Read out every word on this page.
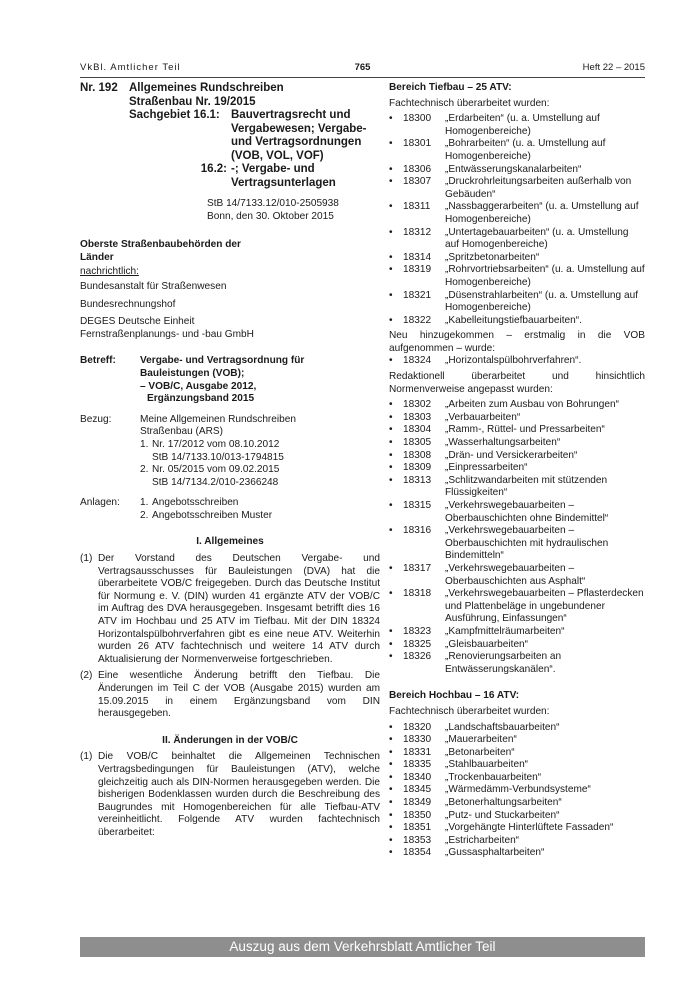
VkBl. Amtlicher Teil	765	Heft 22 – 2015
Nr. 192 Allgemeines Rundschreiben
Straßenbau Nr. 19/2015
Sachgebiet 16.1: Bauvertragsrecht und Vergabewesen; Vergabe- und Vertragsordnungen (VOB, VOL, VOF)
16.2: -; Vergabe- und Vertragsunterlagen
StB 14/7133.12/010-2505938
Bonn, den 30. Oktober 2015
Oberste Straßenbaubehörden der Länder
nachrichtlich:
Bundesanstalt für Straßenwesen
Bundesrechnungshof
DEGES Deutsche Einheit
Fernstraßenplanungs- und -bau GmbH
Betreff:	Vergabe- und Vertragsordnung für
Bauleistungen (VOB);
– VOB/C, Ausgabe 2012,
Ergänzungsband 2015
Bezug:	Meine Allgemeinen Rundschreiben
Straßenbau (ARS)
1. Nr. 17/2012 vom 08.10.2012
StB 14/7133.10/013-1794815
2. Nr. 05/2015 vom 09.02.2015
StB 14/7134.2/010-2366248
Anlagen:	1. Angebotsschreiben
2. Angebotsschreiben Muster
I. Allgemeines
(1) Der Vorstand des Deutschen Vergabe- und Vertragsausschusses für Bauleistungen (DVA) hat die überarbeitete VOB/C freigegeben. Durch das Deutsche Institut für Normung e. V. (DIN) wurden 41 ergänzte ATV der VOB/C im Auftrag des DVA herausgegeben. Insgesamt betrifft dies 16 ATV im Hochbau und 25 ATV im Tiefbau. Mit der DIN 18324 Horizontalspülbohrverfahren gibt es eine neue ATV. Weiterhin wurden 26 ATV fachtechnisch und weitere 14 ATV durch Aktualisierung der Normenverweise fortgeschrieben.
(2) Eine wesentliche Änderung betrifft den Tiefbau. Die Änderungen im Teil C der VOB (Ausgabe 2015) wurden am 15.09.2015 in einem Ergänzungsband vom DIN herausgegeben.
II. Änderungen in der VOB/C
(1) Die VOB/C beinhaltet die Allgemeinen Technischen Vertragsbedingungen für Bauleistungen (ATV), welche gleichzeitig auch als DIN-Normen herausgegeben werden. Die bisherigen Bodenklassen wurden durch die Beschreibung des Baugrundes mit Homogenbereichen für alle Tiefbau-ATV vereinheitlicht. Folgende ATV wurden fachtechnisch überarbeitet:
Bereich Tiefbau – 25 ATV:
Fachtechnisch überarbeitet wurden:
•	18300	„Erdarbeiten“ (u. a. Umstellung auf Homogenbereiche)
•	18301	„Bohrarbeiten“ (u. a. Umstellung auf Homogenbereiche)
•	18306	„Entwässerungskanalarbeiten“
•	18307	„Druckrohrleitungsarbeiten außerhalb von Gebäuden“
•	18311	„Nassbaggerarbeiten“ (u. a. Umstellung auf Homogenbereiche)
•	18312	„Untertagebauarbeiten“ (u. a. Umstellung auf Homogenbereiche)
•	18314	„Spritzbetonarbeiten“
•	18319	„Rohrvortriebsarbeiten“ (u. a. Umstellung auf Homogenbereiche)
•	18321	„Düsenstrahlarbeiten“ (u. a. Umstellung auf Homogenbereiche)
•	18322	„Kabelleitungstiefbauarbeiten“.
Neu hinzugekommen – erstmalig in die VOB aufgenommen – wurde:
•	18324	„Horizontalspülbohrverfahren“.
Redaktionell überarbeitet und hinsichtlich Normenverweise angepasst wurden:
•	18302	„Arbeiten zum Ausbau von Bohrungen“
•	18303	„Verbauarbeiten“
•	18304	„Ramm-, Rüttel- und Pressarbeiten“
•	18305	„Wasserhaltungsarbeiten“
•	18308	„Drän- und Versickerarbeiten“
•	18309	„Einpressarbeiten“
•	18313	„Schlitzwandarbeiten mit stützenden Flüssigkeiten“
•	18315	„Verkehrswegebauarbeiten – Oberbauschichten ohne Bindemittel“
•	18316	„Verkehrswegebauarbeiten – Oberbauschichten mit hydraulischen Bindemitteln“
•	18317	„Verkehrswegebauarbeiten – Oberbauschichten aus Asphalt“
•	18318	„Verkehrswegebauarbeiten – Pflasterdecken und Plattenbeläge in ungebundener Ausführung, Einfassungen“
•	18323	„Kampfmittelräumarbeiten“
•	18325	„Gleisbauarbeiten“
•	18326	„Renovierungsarbeiten an Entwässerungskanälen“.
Bereich Hochbau – 16 ATV:
Fachtechnisch überarbeitet wurden:
•	18320	„Landschaftsbauarbeiten“
•	18330	„Mauerarbeiten“
•	18331	„Betonarbeiten“
•	18335	„Stahlbauarbeiten“
•	18340	„Trockenbauarbeiten“
•	18345	„Wärmedämm-Verbundsysteme“
•	18349	„Betonerhaltungsarbeiten“
•	18350	„Putz- und Stuckarbeiten“
•	18351	„Vorgehängte Hinterlüftete Fassaden“
•	18353	„Estricharbeiten“
•	18354	„Gussasphaltarbeiten“
Auszug aus dem Verkehrsblatt Amtlicher Teil
